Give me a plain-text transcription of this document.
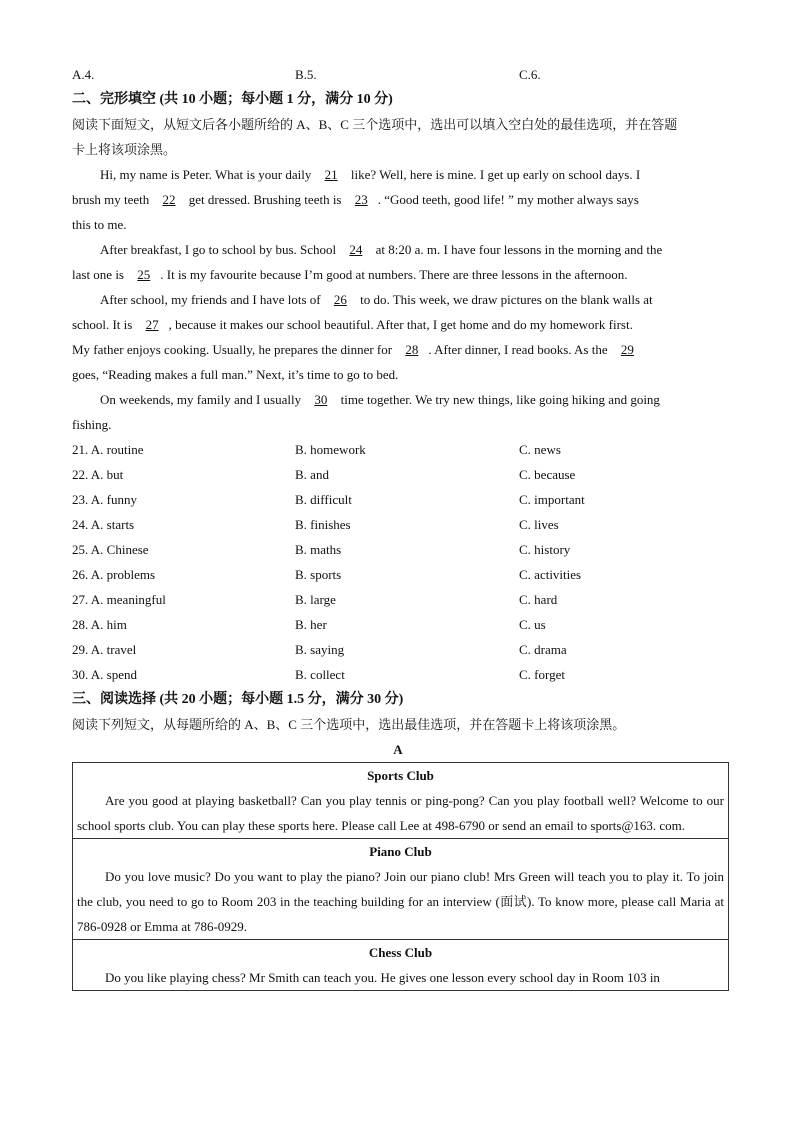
A.4.	B.5.	C.6.
二、完形填空 (共 10 小题；每小题 1 分，满分 10 分)
阅读下面短文，从短文后各小题所给的 A、B、C 三个选项中，选出可以填入空白处的最佳选项，并在答题
卡上将该项涂黑。
Hi, my name is Peter. What is your daily 21 like? Well, here is mine. I get up early on school days. I
brush my teeth 22 get dressed. Brushing teeth is 23 . “Good teeth, good life! ” my mother always says
this to me.
After breakfast, I go to school by bus. School 24 at 8:20 a. m. I have four lessons in the morning and the
last one is 25 . It is my favourite because I’m good at numbers. There are three lessons in the afternoon.
After school, my friends and I have lots of 26 to do. This week, we draw pictures on the blank walls at
school. It is 27 , because it makes our school beautiful. After that, I get home and do my homework first.
My father enjoys cooking. Usually, he prepares the dinner for 28 . After dinner, I read books. As the 29
goes, “Reading makes a full man.” Next, it’s time to go to bed.
On weekends, my family and I usually 30 time together. We try new things, like going hiking and going
fishing.
21. A. routine	B. homework	C. news
22. A. but	B. and	C. because
23. A. funny	B. difficult	C. important
24. A. starts	B. finishes	C. lives
25. A. Chinese	B. maths	C. history
26. A. problems	B. sports	C. activities
27. A. meaningful	B. large	C. hard
28. A. him	B. her	C. us
29. A. travel	B. saying	C. drama
30. A. spend	B. collect	C. forget
三、阅读选择 (共 20 小题；每小题 1.5 分，满分 30 分)
阅读下列短文，从每题所给的 A、B、C 三个选项中，选出最佳选项，并在答题卡上将该项涂黑。
A
Sports Club
Are you good at playing basketball? Can you play tennis or ping-pong? Can you play football well? Welcome to our school sports club. You can play these sports here. Please call Lee at 498-6790 or send an email to sports@163. com.

Piano Club
Do you love music? Do you want to play the piano? Join our piano club! Mrs Green will teach you to play it. To join the club, you need to go to Room 203 in the teaching building for an interview (面试). To know more, please call Maria at 786-0928 or Emma at 786-0929.

Chess Club
Do you like playing chess? Mr Smith can teach you. He gives one lesson every school day in Room 103 in
